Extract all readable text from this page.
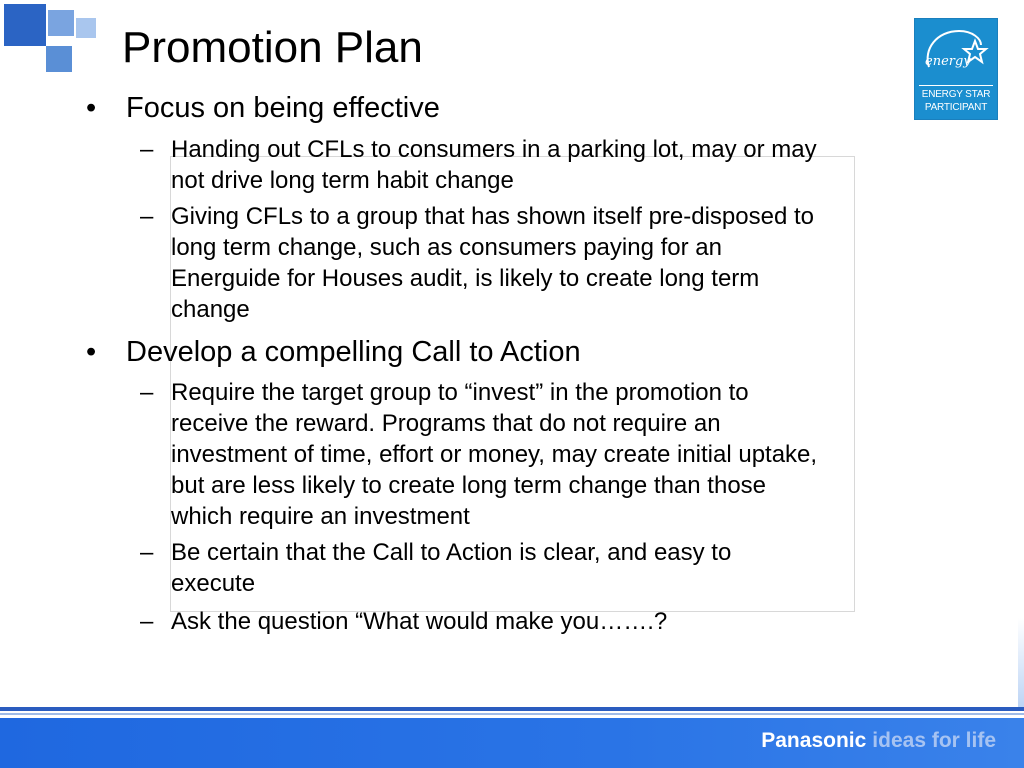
Promotion Plan	energy
ENERGY STAR
PARTICIPANT
• Focus on being effective
– Handing out CFLs to consumers in a parking lot, may or may
not drive long term habit change
– Giving CFLs to a group that has shown itself pre-disposed to
long term change, such as consumers paying for an
Energuide for Houses audit, is likely to create long term
change
• Develop a compelling Call to Action
– Require the target group to “invest” in the promotion to
receive the reward. Programs that do not require an
investment of time, effort or money, may create initial uptake,
but are less likely to create long term change than those
which require an investment
– Be certain that the Call to Action is clear, and easy to
execute
– Ask the question “What would make you…….?
Panasonic ideas for life
